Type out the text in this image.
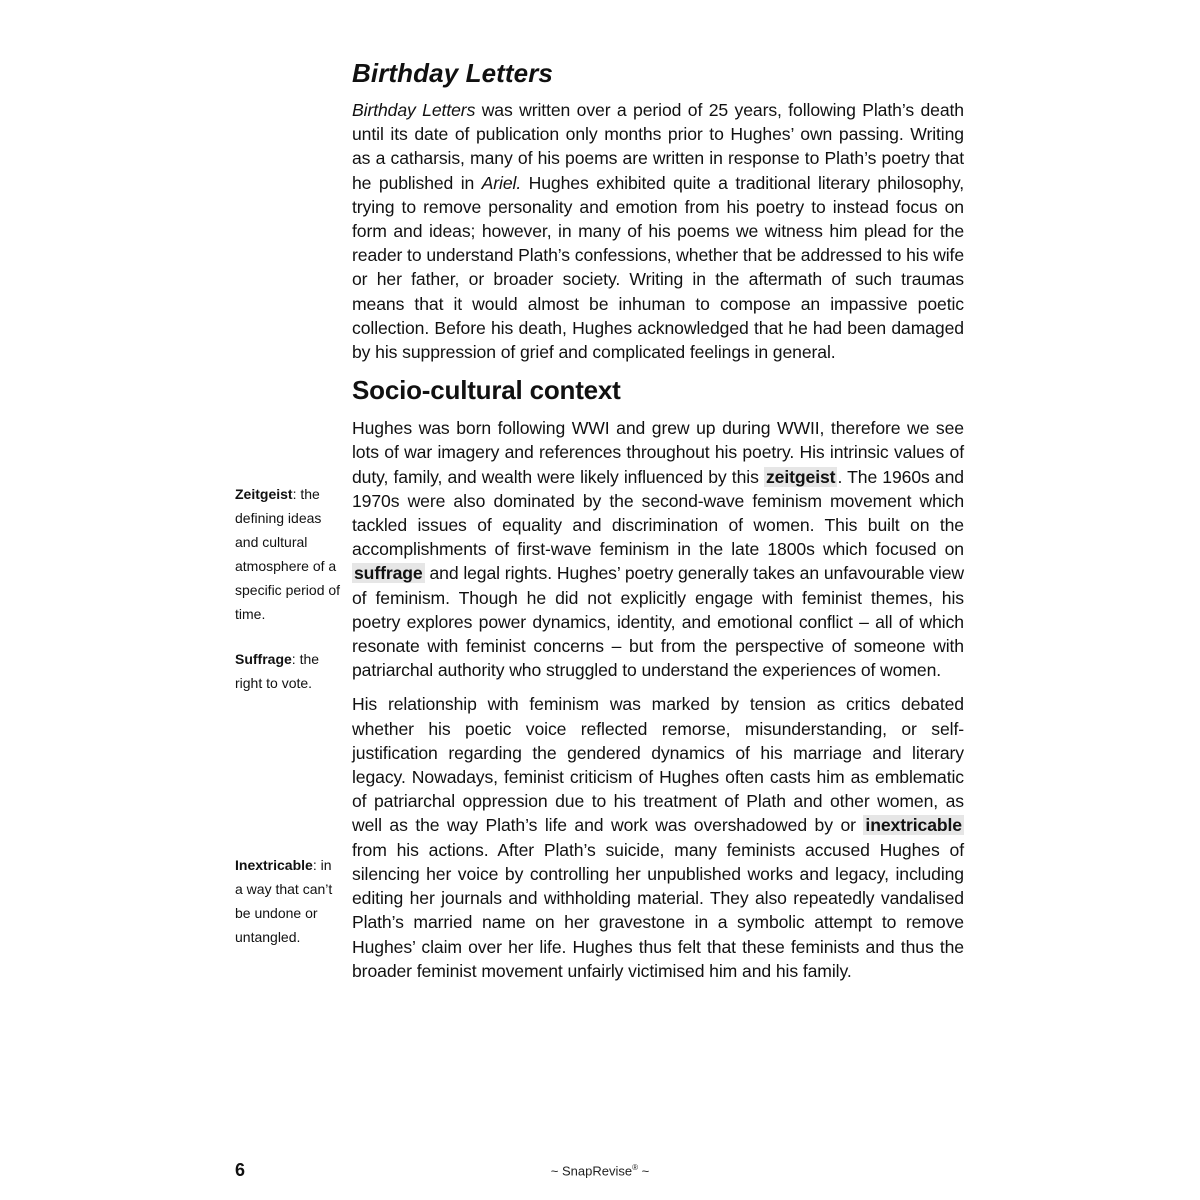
Birthday Letters

Birthday Letters was written over a period of 25 years, following Plath’s death until its date of publication only months prior to Hughes’ own passing. Writing as a catharsis, many of his poems are written in response to Plath’s poetry that he published in Ariel. Hughes exhibited quite a traditional literary philosophy, trying to remove personality and emotion from his poetry to instead focus on form and ideas; however, in many of his poems we witness him plead for the reader to understand Plath’s confessions, whether that be addressed to his wife or her father, or broader society. Writing in the aftermath of such traumas means that it would almost be inhuman to compose an impassive poetic collection. Before his death, Hughes acknowledged that he had been damaged by his suppression of grief and complicated feelings in general.

Socio-cultural context

Hughes was born following WWI and grew up during WWII, therefore we see lots of war imagery and references throughout his poetry. His intrinsic values of duty, family, and wealth were likely influenced by this zeitgeist . The 1960s and 1970s were also dominated by the second-wave feminism movement which tackled issues of equality and discrimination of women. This built on the accomplishments of first-wave feminism in the late 1800s which focused on suffrage and legal rights. Hughes’ poetry generally takes an unfavourable view of feminism. Though he did not explicitly engage with feminist themes, his poetry explores power dynamics, identity, and emotional conflict – all of which resonate with feminist concerns – but from the perspective of someone with patriarchal authority who struggled to understand the experiences of women.

His relationship with feminism was marked by tension as critics debated whether his poetic voice reflected remorse, misunderstanding, or self-justification regarding the gendered dynamics of his marriage and literary legacy. Nowadays, feminist criticism of Hughes often casts him as emblematic of patriarchal oppression due to his treatment of Plath and other women, as well as the way Plath’s life and work was overshadowed by or inextricable from his actions. After Plath’s suicide, many feminists accused Hughes of silencing her voice by controlling her unpublished works and legacy, including editing her journals and withholding material. They also repeatedly vandalised Plath’s married name on her gravestone in a symbolic attempt to remove Hughes’ claim over her life. Hughes thus felt that these feminists and thus the broader feminist movement unfairly victimised him and his family.

Zeitgeist: the defining ideas and cultural atmosphere of a specific period of time.
Suffrage: the right to vote.
Inextricable: in a way that can’t be undone or untangled.
6	~ SnapRevise® ~
